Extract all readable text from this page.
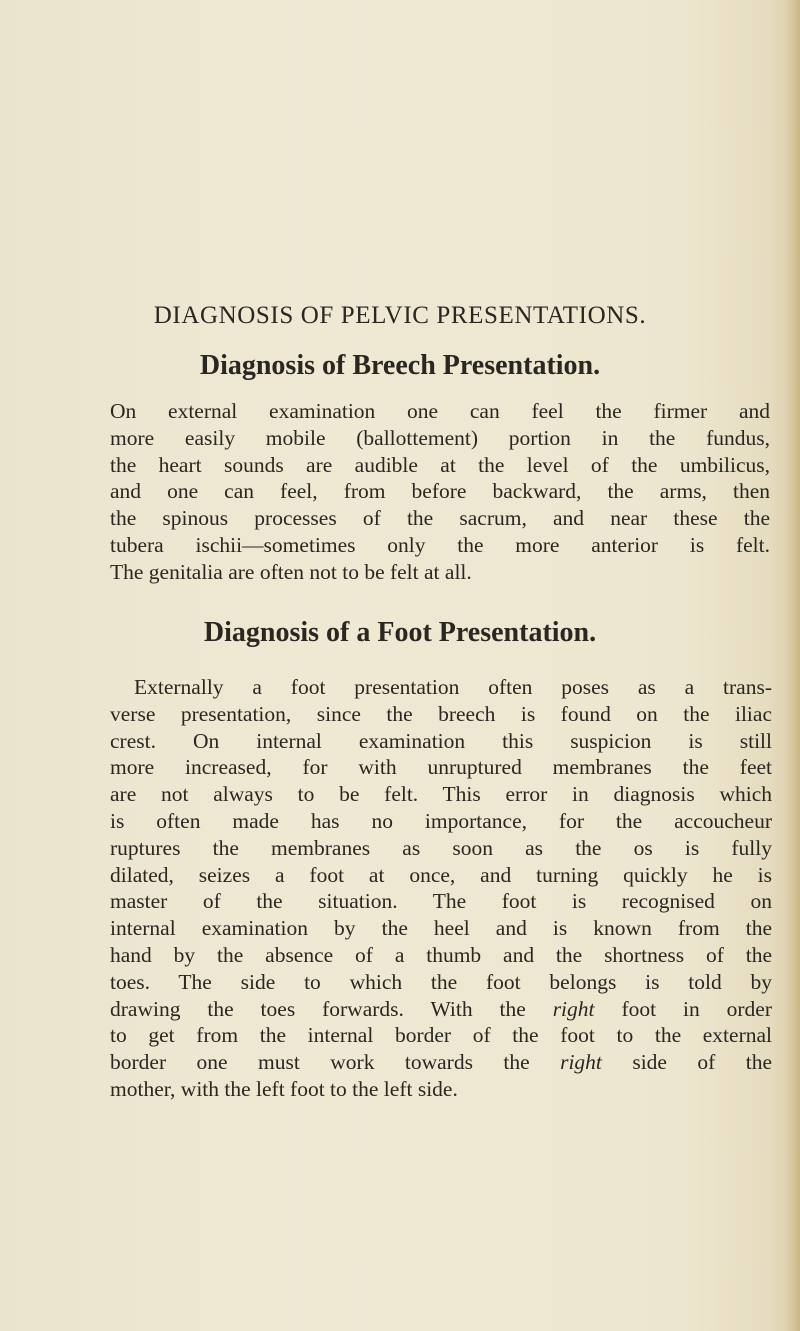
DIAGNOSIS OF PELVIC PRESENTATIONS.
Diagnosis of Breech Presentation.
On external examination one can feel the firmer and
more easily mobile (ballottement) portion in the fundus,
the heart sounds are audible at the level of the umbilicus,
and one can feel, from before backward, the arms, then
the spinous processes of the sacrum, and near these the
tubera ischii—sometimes only the more anterior is felt.
The genitalia are often not to be felt at all.
Diagnosis of a Foot Presentation.
Externally a foot presentation often poses as a trans-
verse presentation, since the breech is found on the iliac
crest. On internal examination this suspicion is still
more increased, for with unruptured membranes the feet
are not always to be felt. This error in diagnosis which
is often made has no importance, for the accoucheur
ruptures the membranes as soon as the os is fully
dilated, seizes a foot at once, and turning quickly he is
master of the situation. The foot is recognised on
internal examination by the heel and is known from the
hand by the absence of a thumb and the shortness of the
toes. The side to which the foot belongs is told by
drawing the toes forwards. With the right foot in order
to get from the internal border of the foot to the external
border one must work towards the right side of the
mother, with the left foot to the left side.
